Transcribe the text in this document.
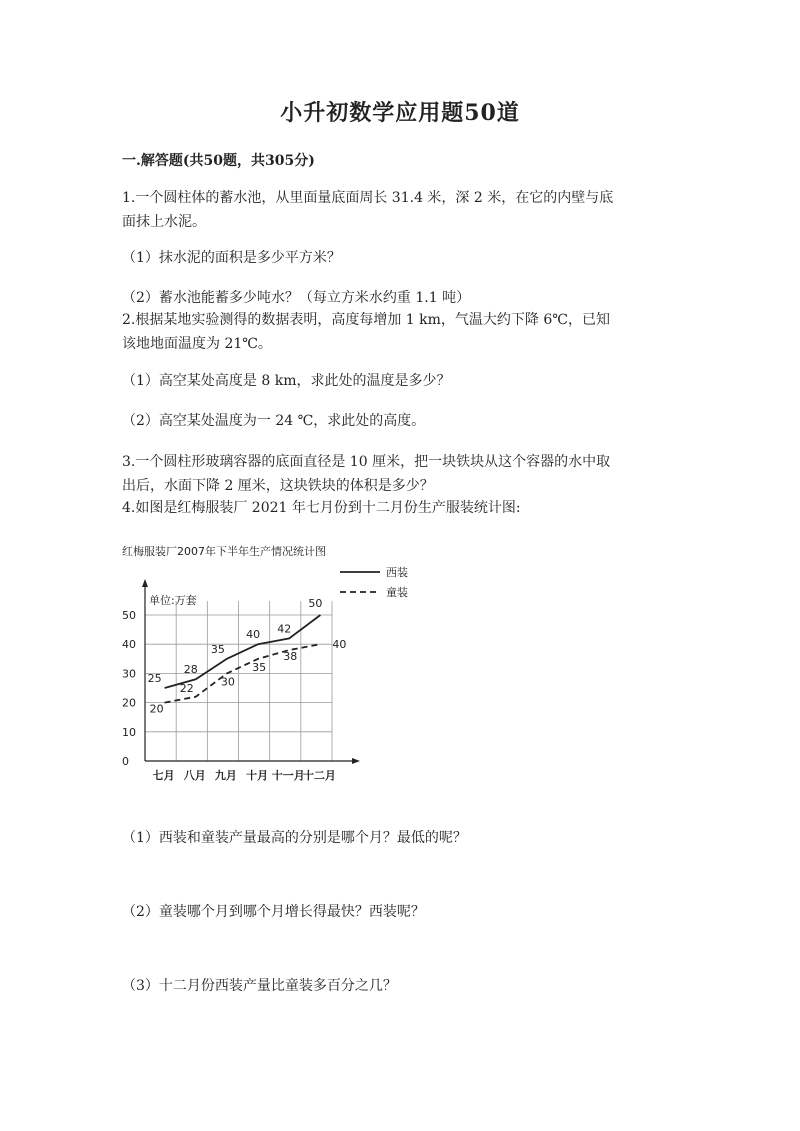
小升初数学应用题50道
一.解答题(共50题，共305分)
1.一个圆柱体的蓄水池，从里面量底面周长 31.4 米，深 2 米，在它的内壁与底
面抹上水泥。
（1）抹水泥的面积是多少平方米？
（2）蓄水池能蓄多少吨水？（每立方米水约重 1.1 吨）
2.根据某地实验测得的数据表明，高度每增加 1 km，气温大约下降 6℃，已知
该地地面温度为 21℃。
（1）高空某处高度是 8 km，求此处的温度是多少？
（2）高空某处温度为一 24 ℃，求此处的高度。
3.一个圆柱形玻璃容器的底面直径是 10 厘米，把一块铁块从这个容器的水中取
出后，水面下降 2 厘米，这块铁块的体积是多少？
4.如图是红梅服装厂 2021 年七月份到十二月份生产服装统计图:
红梅服装厂2007年下半年生产情况统计图
单位:万套
0
10
20
30
40
50
七月 八月 九月 十月 十一月
十二月
25
28
35
40 42
50
20
22 30
35
38
40
西装
童装
（1）西装和童装产量最高的分别是哪个月？最低的呢？
（2）童装哪个月到哪个月增长得最快？西装呢？
（3）十二月份西装产量比童装多百分之几？
